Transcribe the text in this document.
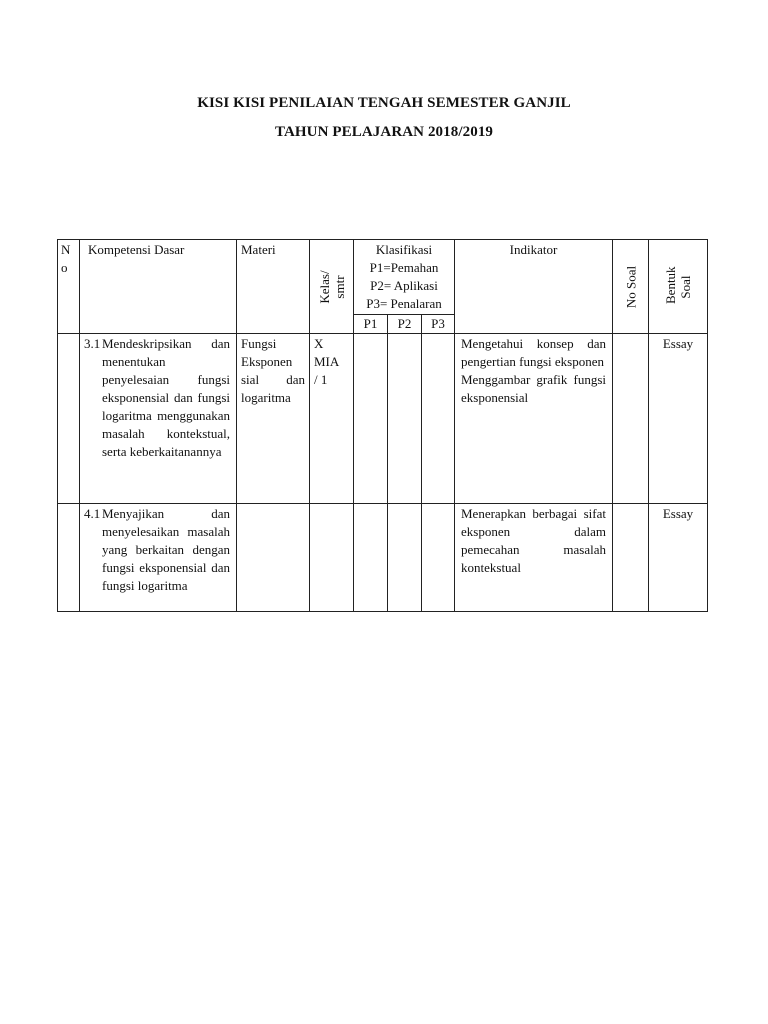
KISI KISI PENILAIAN TENGAH SEMESTER GANJIL
TAHUN PELAJARAN 2018/2019
N o	Kompetensi Dasar	Materi	Kelas/ smtr	Klasifikasi
P1=Pemahan
P2= Aplikasi
P3= Penalaran			Indikator	No Soal	Bentuk Soal

				P1	P2	P3			

	3.1 Mendeskripsikan dan menentukan penyelesaian fungsi eksponensial dan fungsi logaritma menggunakan masalah kontekstual, serta keberkaitanannya	Fungsi Eksponen sial dan logaritma	X
MIA
/ 1				Mengetahui konsep dan pengertian fungsi eksponen
Menggambar grafik fungsi eksponensial		Essay

	4.1 Menyajikan dan menyelesaikan masalah yang berkaitan dengan fungsi eksponensial dan fungsi logaritma						Menerapkan berbagai sifat eksponen dalam pemecahan masalah kontekstual		Essay
